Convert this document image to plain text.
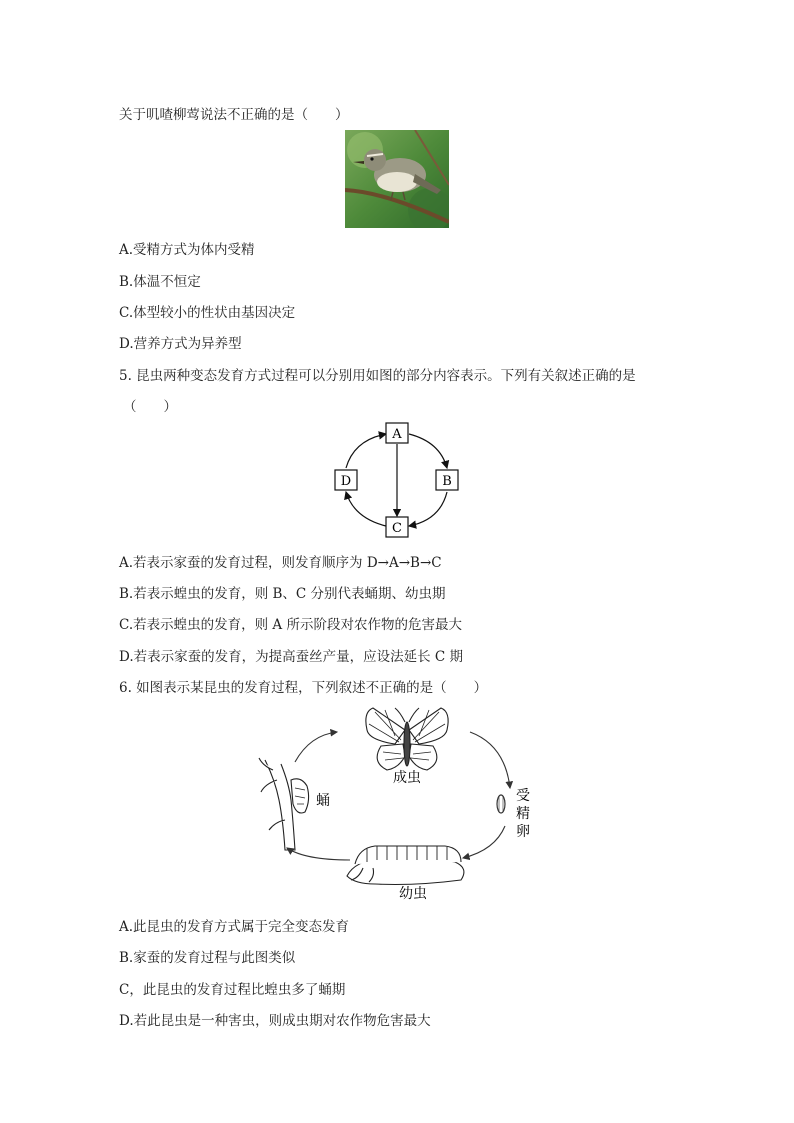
关于叽喳柳莺说法不正确的是（　　）
A.受精方式为体内受精
B.体温不恒定
C.体型较小的性状由基因决定
D.营养方式为异养型
5. 昆虫两种变态发育方式过程可以分别用如图的部分内容表示。下列有关叙述正确的是
（　　）
A
B
C
D
A.若表示家蚕的发育过程，则发育顺序为 D→A→B→C
B.若表示蝗虫的发育，则 B、C 分别代表蛹期、幼虫期
C.若表示蝗虫的发育，则 A 所示阶段对农作物的危害最大
D.若表示家蚕的发育，为提高蚕丝产量，应设法延长 C 期
6. 如图表示某昆虫的发育过程，下列叙述不正确的是（　　）
成虫
受
精
卵
幼虫
蛹
A.此昆虫的发育方式属于完全变态发育
B.家蚕的发育过程与此图类似
C，此昆虫的发育过程比蝗虫多了蛹期
D.若此昆虫是一种害虫，则成虫期对农作物危害最大
